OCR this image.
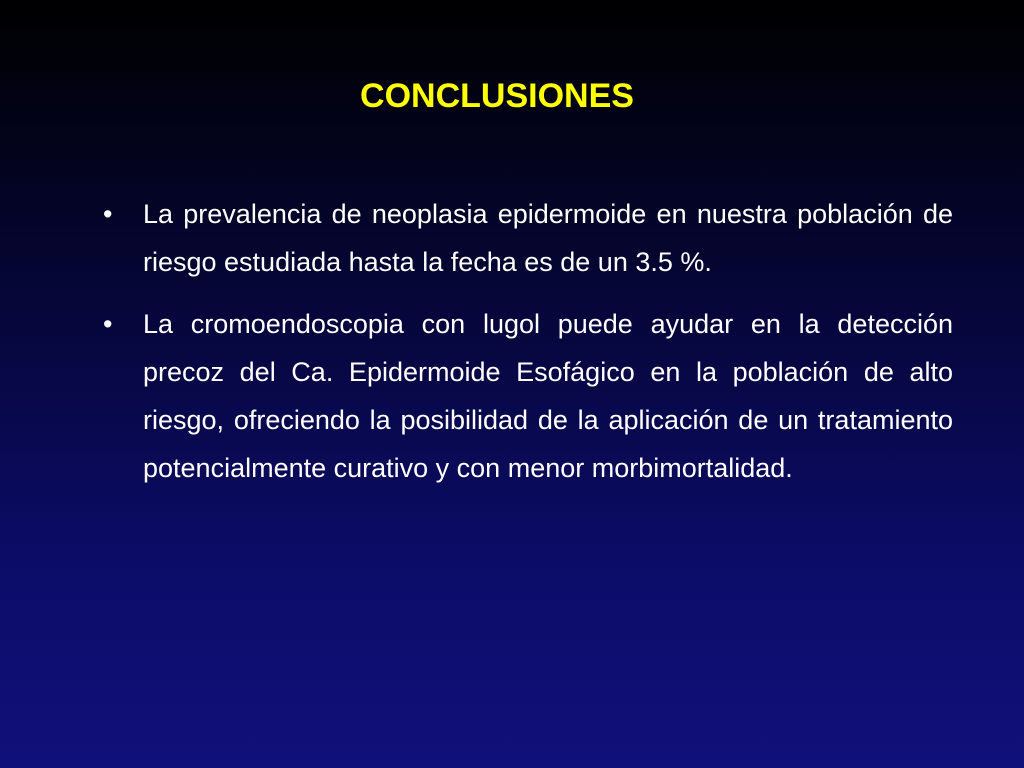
CONCLUSIONES
•	La prevalencia de neoplasia epidermoide en nuestra población de riesgo estudiada hasta la fecha es de un 3.5 %.
•	La cromoendoscopia con lugol puede ayudar en la detección precoz del Ca. Epidermoide Esofágico en la población de alto riesgo, ofreciendo la posibilidad de la aplicación de un tratamiento potencialmente curativo y con menor morbimortalidad.
